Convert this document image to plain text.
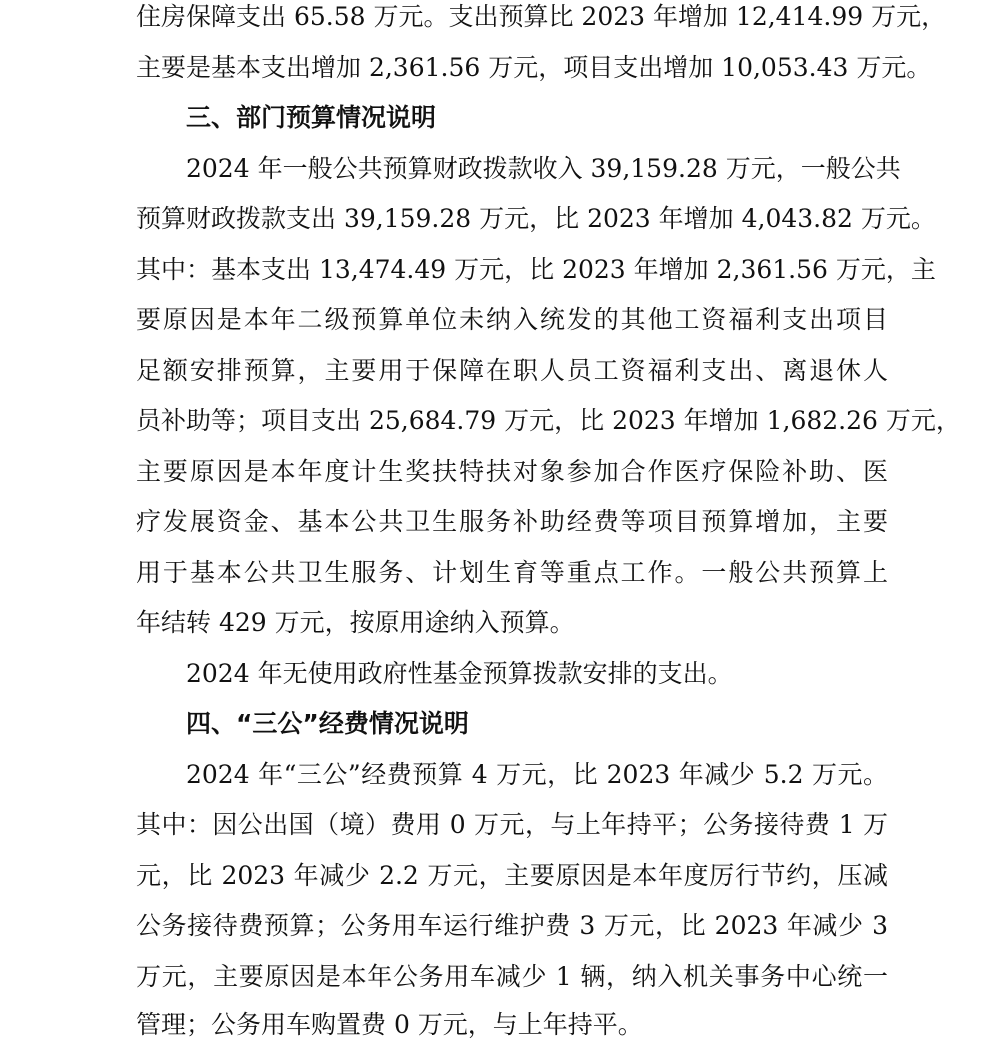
住房保障支出 65.58 万元。支出预算比 2023 年增加 12,414.99 万元，
主要是基本支出增加 2,361.56 万元，项目支出增加 10,053.43 万元。
三、部门预算情况说明
2024 年一般公共预算财政拨款收入 39,159.28 万元，一般公共
预算财政拨款支出 39,159.28 万元，比 2023 年增加 4,043.82 万元。
其中：基本支出 13,474.49 万元，比 2023 年增加 2,361.56 万元，主
要原因是本年二级预算单位未纳入统发的其他工资福利支出项目
足额安排预算，主要用于保障在职人员工资福利支出、离退休人
员补助等；项目支出 25,684.79 万元，比 2023 年增加 1,682.26 万元，
主要原因是本年度计生奖扶特扶对象参加合作医疗保险补助、医
疗发展资金、基本公共卫生服务补助经费等项目预算增加，主要
用于基本公共卫生服务、计划生育等重点工作。一般公共预算上
年结转 429 万元，按原用途纳入预算。
2024 年无使用政府性基金预算拨款安排的支出。
四、“三公”经费情况说明
2024 年“三公”经费预算 4 万元，比 2023 年减少 5.2 万元。
其中：因公出国（境）费用 0 万元，与上年持平；公务接待费 1 万
元，比 2023 年减少 2.2 万元，主要原因是本年度厉行节约，压减
公务接待费预算；公务用车运行维护费 3 万元，比 2023 年减少 3
万元，主要原因是本年公务用车减少 1 辆，纳入机关事务中心统一
管理；公务用车购置费 0 万元，与上年持平。
